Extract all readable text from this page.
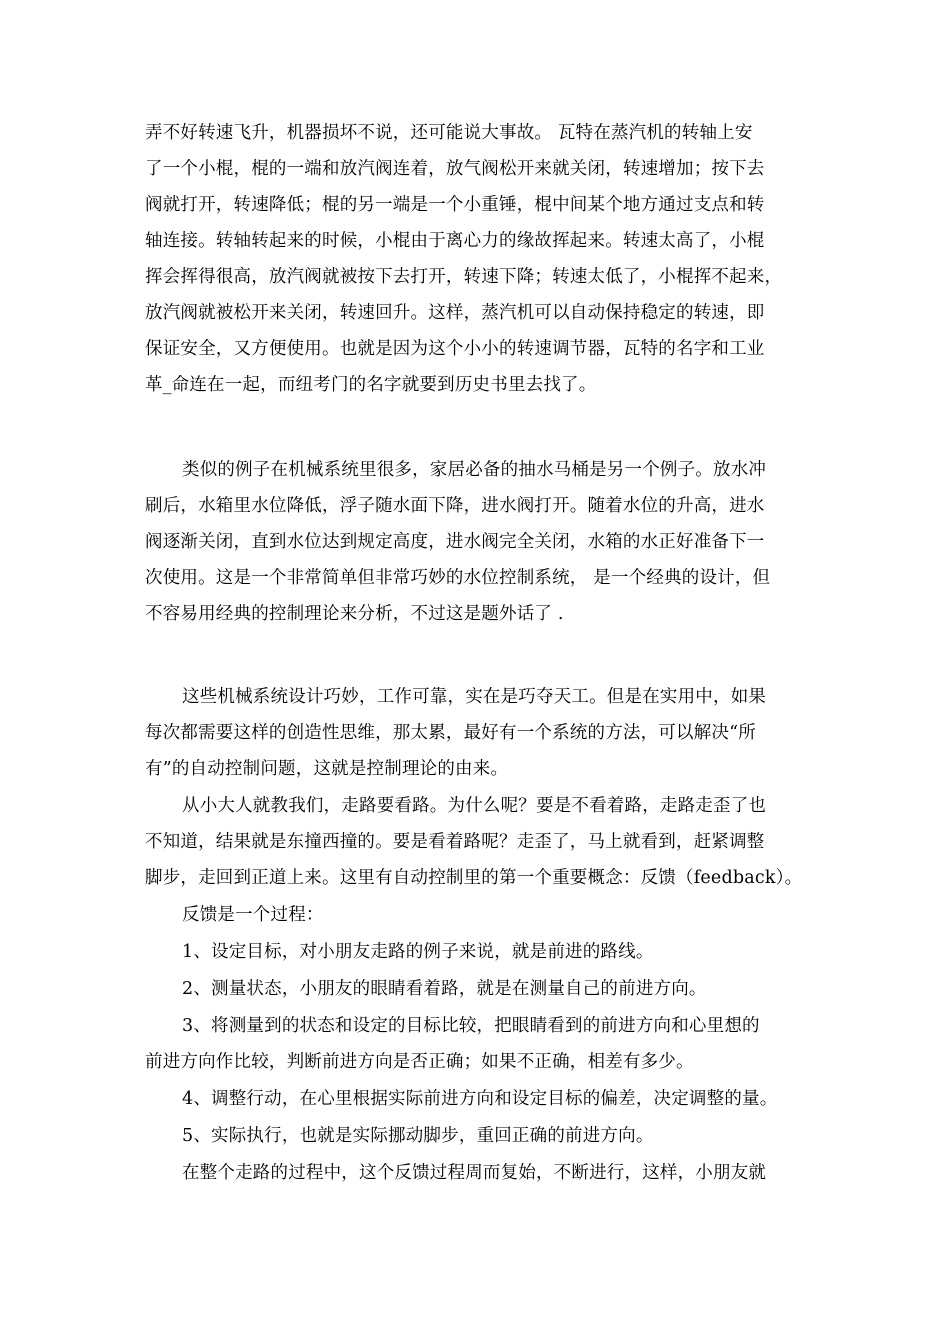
弄不好转速飞升，机器损坏不说，还可能说大事故。 瓦特在蒸汽机的转轴上安
了一个小棍，棍的一端和放汽阀连着，放气阀松开来就关闭，转速增加；按下去
阀就打开，转速降低；棍的另一端是一个小重锤，棍中间某个地方通过支点和转
轴连接。转轴转起来的时候，小棍由于离心力的缘故挥起来。转速太高了，小棍
挥会挥得很高，放汽阀就被按下去打开，转速下降；转速太低了，小棍挥不起来，
放汽阀就被松开来关闭，转速回升。这样，蒸汽机可以自动保持稳定的转速，即
保证安全，又方便使用。也就是因为这个小小的转速调节器，瓦特的名字和工业
革_命连在一起，而纽考门的名字就要到历史书里去找了。
类似的例子在机械系统里很多，家居必备的抽水马桶是另一个例子。放水冲
刷后，水箱里水位降低，浮子随水面下降，进水阀打开。随着水位的升高，进水
阀逐渐关闭，直到水位达到规定高度，进水阀完全关闭，水箱的水正好准备下一
次使用。这是一个非常简单但非常巧妙的水位控制系统， 是一个经典的设计，但
不容易用经典的控制理论来分析，不过这是题外话了 .
这些机械系统设计巧妙，工作可靠，实在是巧夺天工。但是在实用中，如果
每次都需要这样的创造性思维，那太累，最好有一个系统的方法，可以解决“所
有”的自动控制问题，这就是控制理论的由来。
从小大人就教我们，走路要看路。为什么呢？要是不看着路，走路走歪了也
不知道，结果就是东撞西撞的。要是看着路呢？走歪了，马上就看到，赶紧调整
脚步，走回到正道上来。这里有自动控制里的第一个重要概念：反馈（feedback）。
反馈是一个过程：
1、设定目标，对小朋友走路的例子来说，就是前进的路线。
2、测量状态，小朋友的眼睛看着路，就是在测量自己的前进方向。
3、将测量到的状态和设定的目标比较，把眼睛看到的前进方向和心里想的
前进方向作比较，判断前进方向是否正确；如果不正确，相差有多少。
4、调整行动，在心里根据实际前进方向和设定目标的偏差，决定调整的量。
5、实际执行，也就是实际挪动脚步，重回正确的前进方向。
在整个走路的过程中，这个反馈过程周而复始，不断进行，这样，小朋友就
